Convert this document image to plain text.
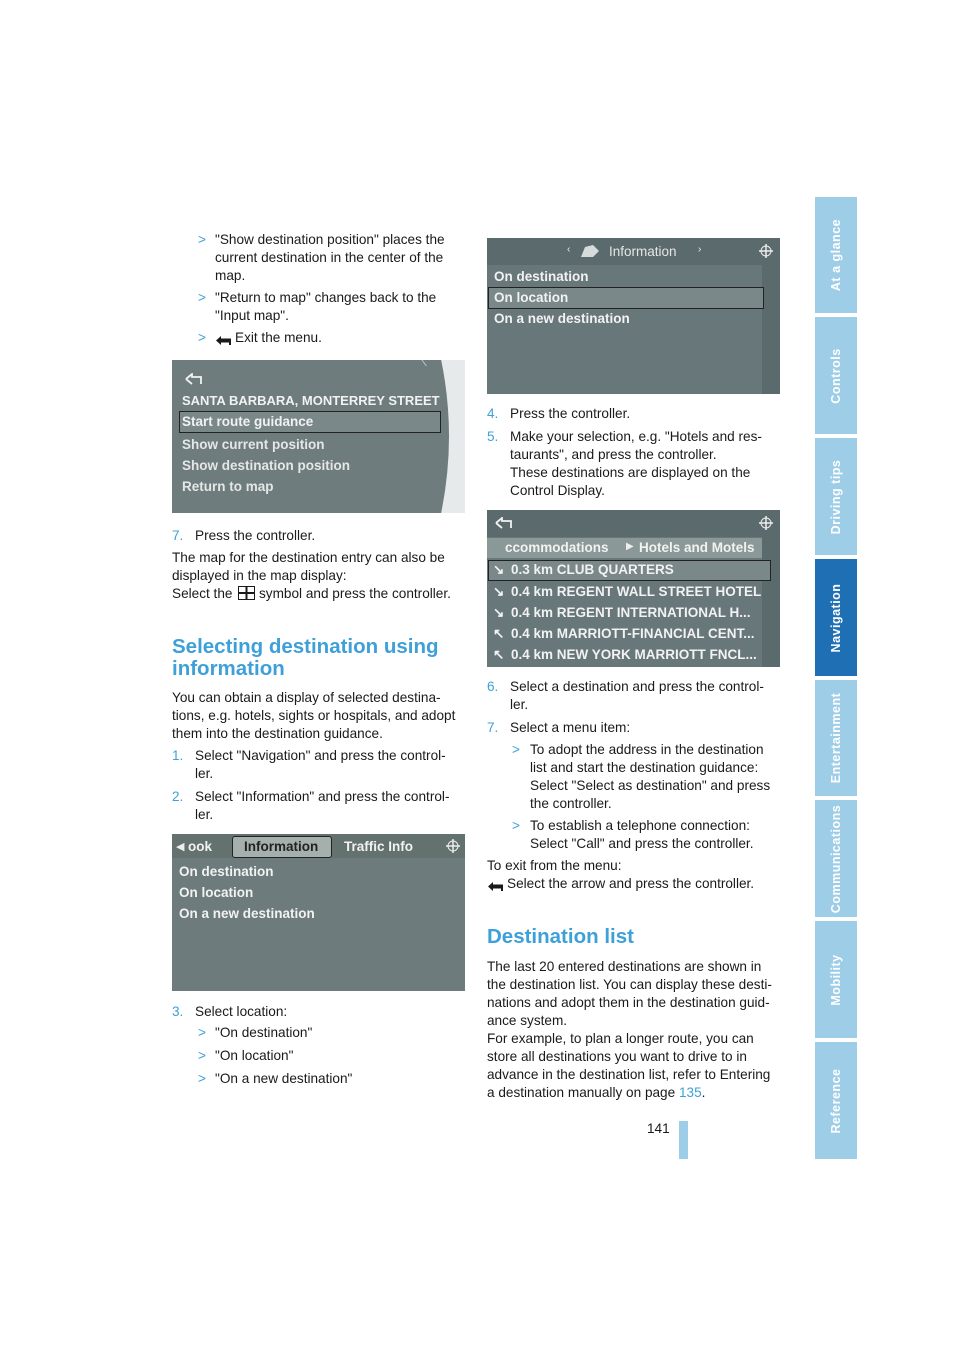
At a glance
Controls
Driving tips
Navigation
Entertainment
Communications
Mobility
Reference
> "Show destination position" places the current destination in the center of the map.
> "Return to map" changes back to the "Input map".
> Exit the menu.
SANTA BARBARA, MONTERREY STREET
Start route guidance
Show current position
Show destination position
Return to map
7. Press the controller.
The map for the destination entry can also be
displayed in the map display:
Select the symbol and press the controller.
Selecting destination using
information
You can obtain a display of selected destina-
tions, e.g. hotels, sights or hospitals, and adopt
them into the destination guidance.
1. Select "Navigation" and press the control-
ler.
2. Select "Information" and press the control-
ler.
◀ ook Information Traffic Info
On destination
On location
On a new destination
3. Select location:
> "On destination"
> "On location"
> "On a new destination"
‹	Information ›
On destination
On location
On a new destination
4. Press the controller.
5. Make your selection, e.g. "Hotels and res-
taurants", and press the controller.
These destinations are displayed on the
Control Display.
ccommodations ▶ Hotels and Motels
↘ 0.3 km CLUB QUARTERS
↘ 0.4 km REGENT WALL STREET HOTEL
↘ 0.4 km REGENT INTERNATIONAL H...
↖ 0.4 km MARRIOTT-FINANCIAL CENT...
↖ 0.4 km NEW YORK MARRIOTT FNCL...
6. Select a destination and press the control-
ler.
7. Select a menu item:
> To adopt the address in the destination
list and start the destination guidance:
Select "Select as destination" and press
the controller.
> To establish a telephone connection:
Select "Call" and press the controller.
To exit from the menu:
Select the arrow and press the controller.
Destination list
The last 20 entered destinations are shown in
the destination list. You can display these desti-
nations and adopt them in the destination guid-
ance system.
For example, to plan a longer route, you can
store all destinations you want to drive to in
advance in the destination list, refer to Entering
a destination manually on page 135.
141
